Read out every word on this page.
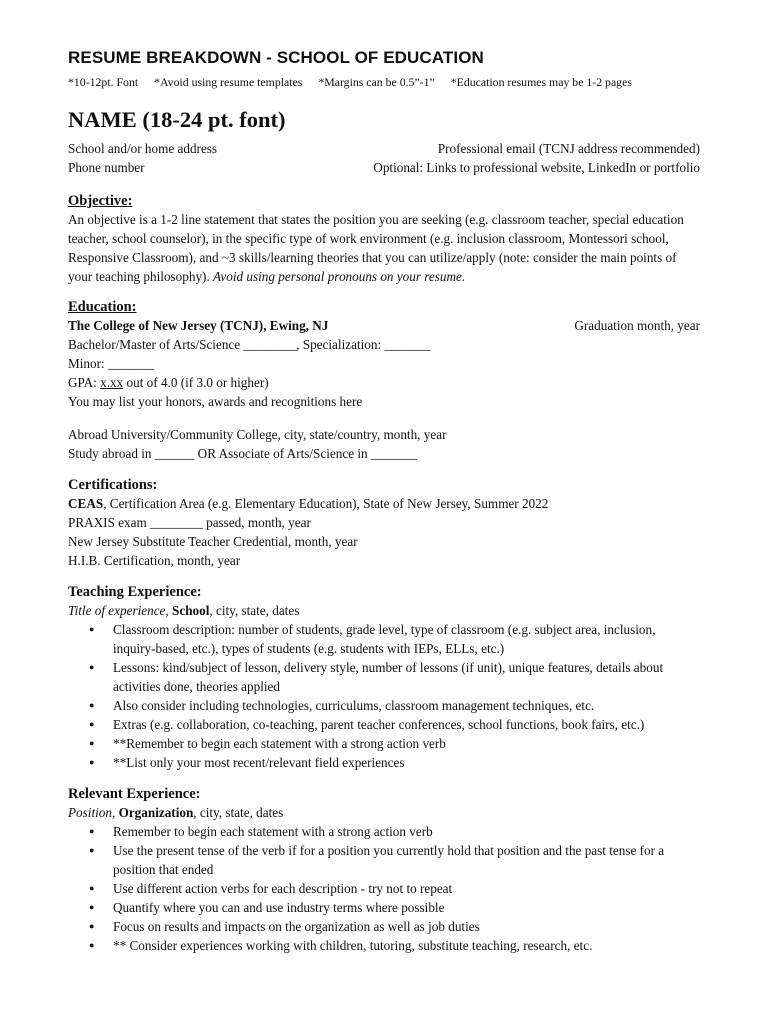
RESUME BREAKDOWN - SCHOOL OF EDUCATION
*10-12pt. Font *Avoid using resume templates *Margins can be 0.5”-1” *Education resumes may be 1-2 pages
NAME (18-24 pt. font)
School and/or home address
Phone number
Professional email (TCNJ address recommended)
Optional: Links to professional website, LinkedIn or portfolio
Objective:
An objective is a 1-2 line statement that states the position you are seeking (e.g. classroom teacher, special education teacher, school counselor), in the specific type of work environment (e.g. inclusion classroom, Montessori school, Responsive Classroom), and ~3 skills/learning theories that you can utilize/apply (note: consider the main points of your teaching philosophy). Avoid using personal pronouns on your resume.
Education:
The College of New Jersey (TCNJ), Ewing, NJ	Graduation month, year
Bachelor/Master of Arts/Science ________, Specialization: _______
Minor: _______
GPA: x.xx out of 4.0 (if 3.0 or higher)
You may list your honors, awards and recognitions here
Abroad University/Community College, city, state/country, month, year
Study abroad in ______ OR Associate of Arts/Science in _______
Certifications:
CEAS, Certification Area (e.g. Elementary Education), State of New Jersey, Summer 2022
PRAXIS exam ________ passed, month, year
New Jersey Substitute Teacher Credential, month, year
H.I.B. Certification, month, year
Teaching Experience:
Title of experience, School, city, state, dates
● Classroom description: number of students, grade level, type of classroom (e.g. subject area, inclusion, inquiry-based, etc.), types of students (e.g. students with IEPs, ELLs, etc.)
● Lessons: kind/subject of lesson, delivery style, number of lessons (if unit), unique features, details about activities done, theories applied
● Also consider including technologies, curriculums, classroom management techniques, etc.
● Extras (e.g. collaboration, co-teaching, parent teacher conferences, school functions, book fairs, etc.)
● **Remember to begin each statement with a strong action verb
● **List only your most recent/relevant field experiences
Relevant Experience:
Position, Organization, city, state, dates
● Remember to begin each statement with a strong action verb
● Use the present tense of the verb if for a position you currently hold that position and the past tense for a position that ended
● Use different action verbs for each description - try not to repeat
● Quantify where you can and use industry terms where possible
● Focus on results and impacts on the organization as well as job duties
● ** Consider experiences working with children, tutoring, substitute teaching, research, etc.
